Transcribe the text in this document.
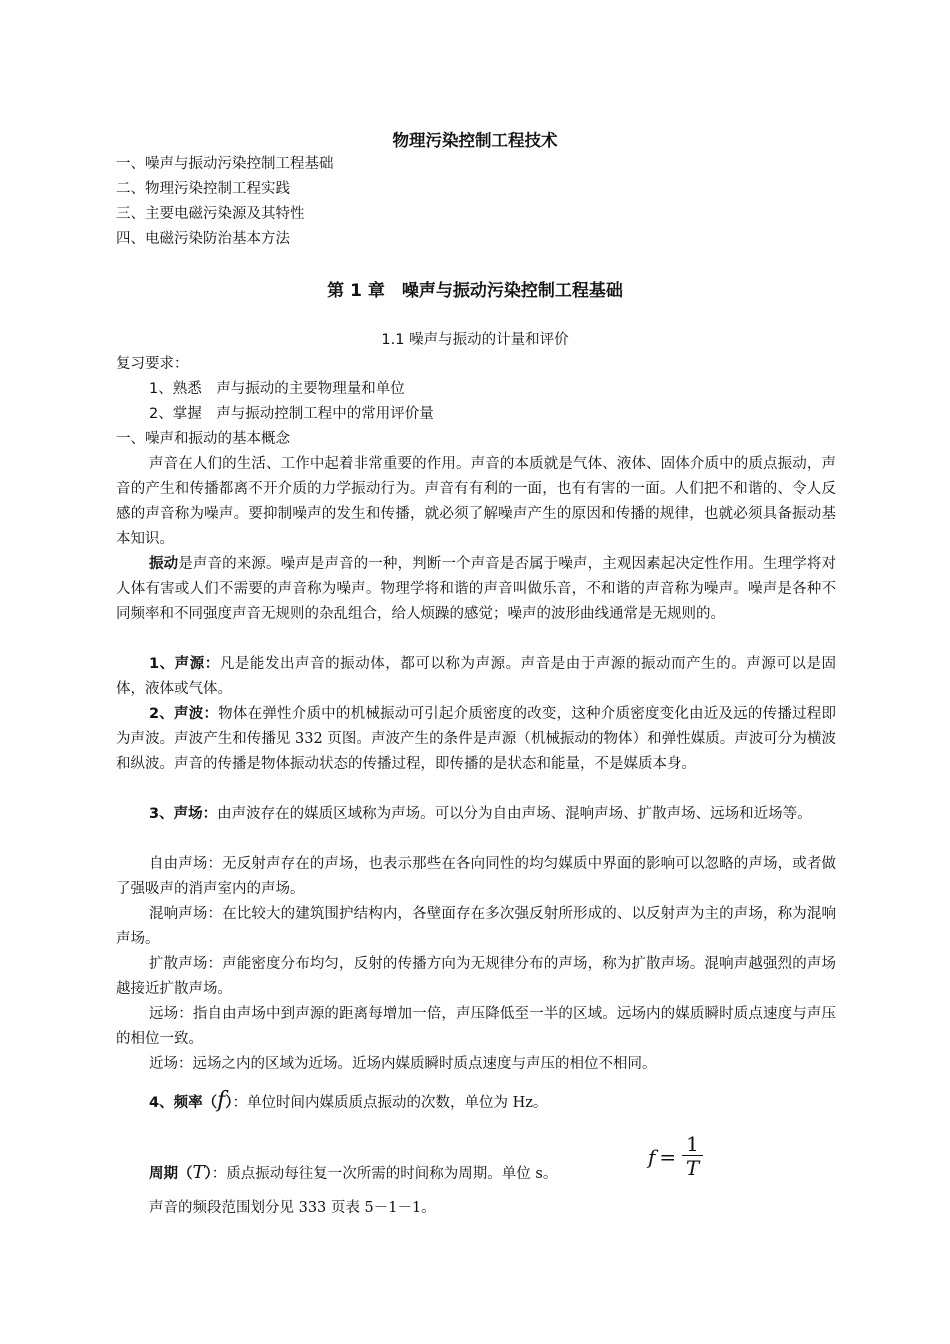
物理污染控制工程技术
一、噪声与振动污染控制工程基础
二、物理污染控制工程实践
三、主要电磁污染源及其特性
四、电磁污染防治基本方法
第 1 章　噪声与振动污染控制工程基础
1.1 噪声与振动的计量和评价
复习要求：
1、熟悉　声与振动的主要物理量和单位
2、掌握　声与振动控制工程中的常用评价量
一、噪声和振动的基本概念
声音在人们的生活、工作中起着非常重要的作用。声音的本质就是气体、液体、固体介质中的质点振动，声音的产生和传播都离不开介质的力学振动行为。声音有有利的一面，也有有害的一面。人们把不和谐的、令人反感的声音称为噪声。要抑制噪声的发生和传播，就必须了解噪声产生的原因和传播的规律，也就必须具备振动基本知识。
振动是声音的来源。噪声是声音的一种，判断一个声音是否属于噪声，主观因素起决定性作用。生理学将对人体有害或人们不需要的声音称为噪声。物理学将和谐的声音叫做乐音，不和谐的声音称为噪声。噪声是各种不同频率和不同强度声音无规则的杂乱组合，给人烦躁的感觉；噪声的波形曲线通常是无规则的。
1、声源：凡是能发出声音的振动体，都可以称为声源。声音是由于声源的振动而产生的。声源可以是固体，液体或气体。
2、声波：物体在弹性介质中的机械振动可引起介质密度的改变，这种介质密度变化由近及远的传播过程即为声波。声波产生和传播见 332 页图。声波产生的条件是声源（机械振动的物体）和弹性媒质。声波可分为横波和纵波。声音的传播是物体振动状态的传播过程，即传播的是状态和能量，不是媒质本身。
3、声场：由声波存在的媒质区域称为声场。可以分为自由声场、混响声场、扩散声场、远场和近场等。
自由声场：无反射声存在的声场，也表示那些在各向同性的均匀媒质中界面的影响可以忽略的声场，或者做了强吸声的消声室内的声场。
混响声场：在比较大的建筑围护结构内，各壁面存在多次强反射所形成的、以反射声为主的声场，称为混响声场。
扩散声场：声能密度分布均匀，反射的传播方向为无规律分布的声场，称为扩散声场。混响声越强烈的声场越接近扩散声场。
远场：指自由声场中到声源的距离每增加一倍，声压降低至一半的区域。远场内的媒质瞬时质点速度与声压的相位一致。
近场：远场之内的区域为近场。近场内媒质瞬时质点速度与声压的相位不相同。
4、频率（f）：单位时间内媒质质点振动的次数，单位为 Hz。
周期（T）：质点振动每往复一次所需的时间称为周期。单位 s。
$f = \frac{1}{T}$
声音的频段范围划分见 333 页表 5－1－1。
